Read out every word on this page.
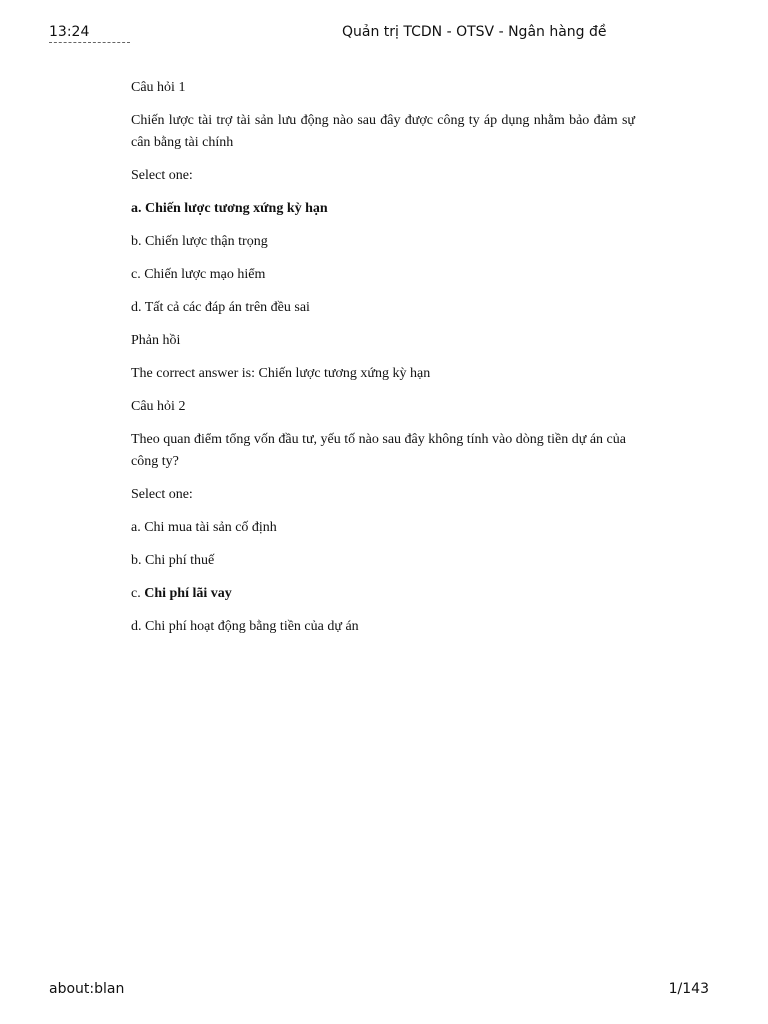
13:24	Quản trị TCDN - OTSV - Ngân hàng đề
Câu hỏi 1
Chiến lược tài trợ tài sản lưu động nào sau đây được công ty áp dụng nhằm bảo đảm sự cân bằng tài chính
Select one:
a. Chiến lược tương xứng kỳ hạn
b. Chiến lược thận trọng
c. Chiến lược mạo hiểm
d. Tất cả các đáp án trên đều sai
Phản hồi
The correct answer is: Chiến lược tương xứng kỳ hạn
Câu hỏi 2
Theo quan điểm tổng vốn đầu tư, yếu tố nào sau đây không tính vào dòng tiền dự án của công ty?
Select one:
a. Chi mua tài sản cố định
b. Chi phí thuế
c. Chi phí lãi vay
d. Chi phí hoạt động bằng tiền của dự án
about:blan	1/143
